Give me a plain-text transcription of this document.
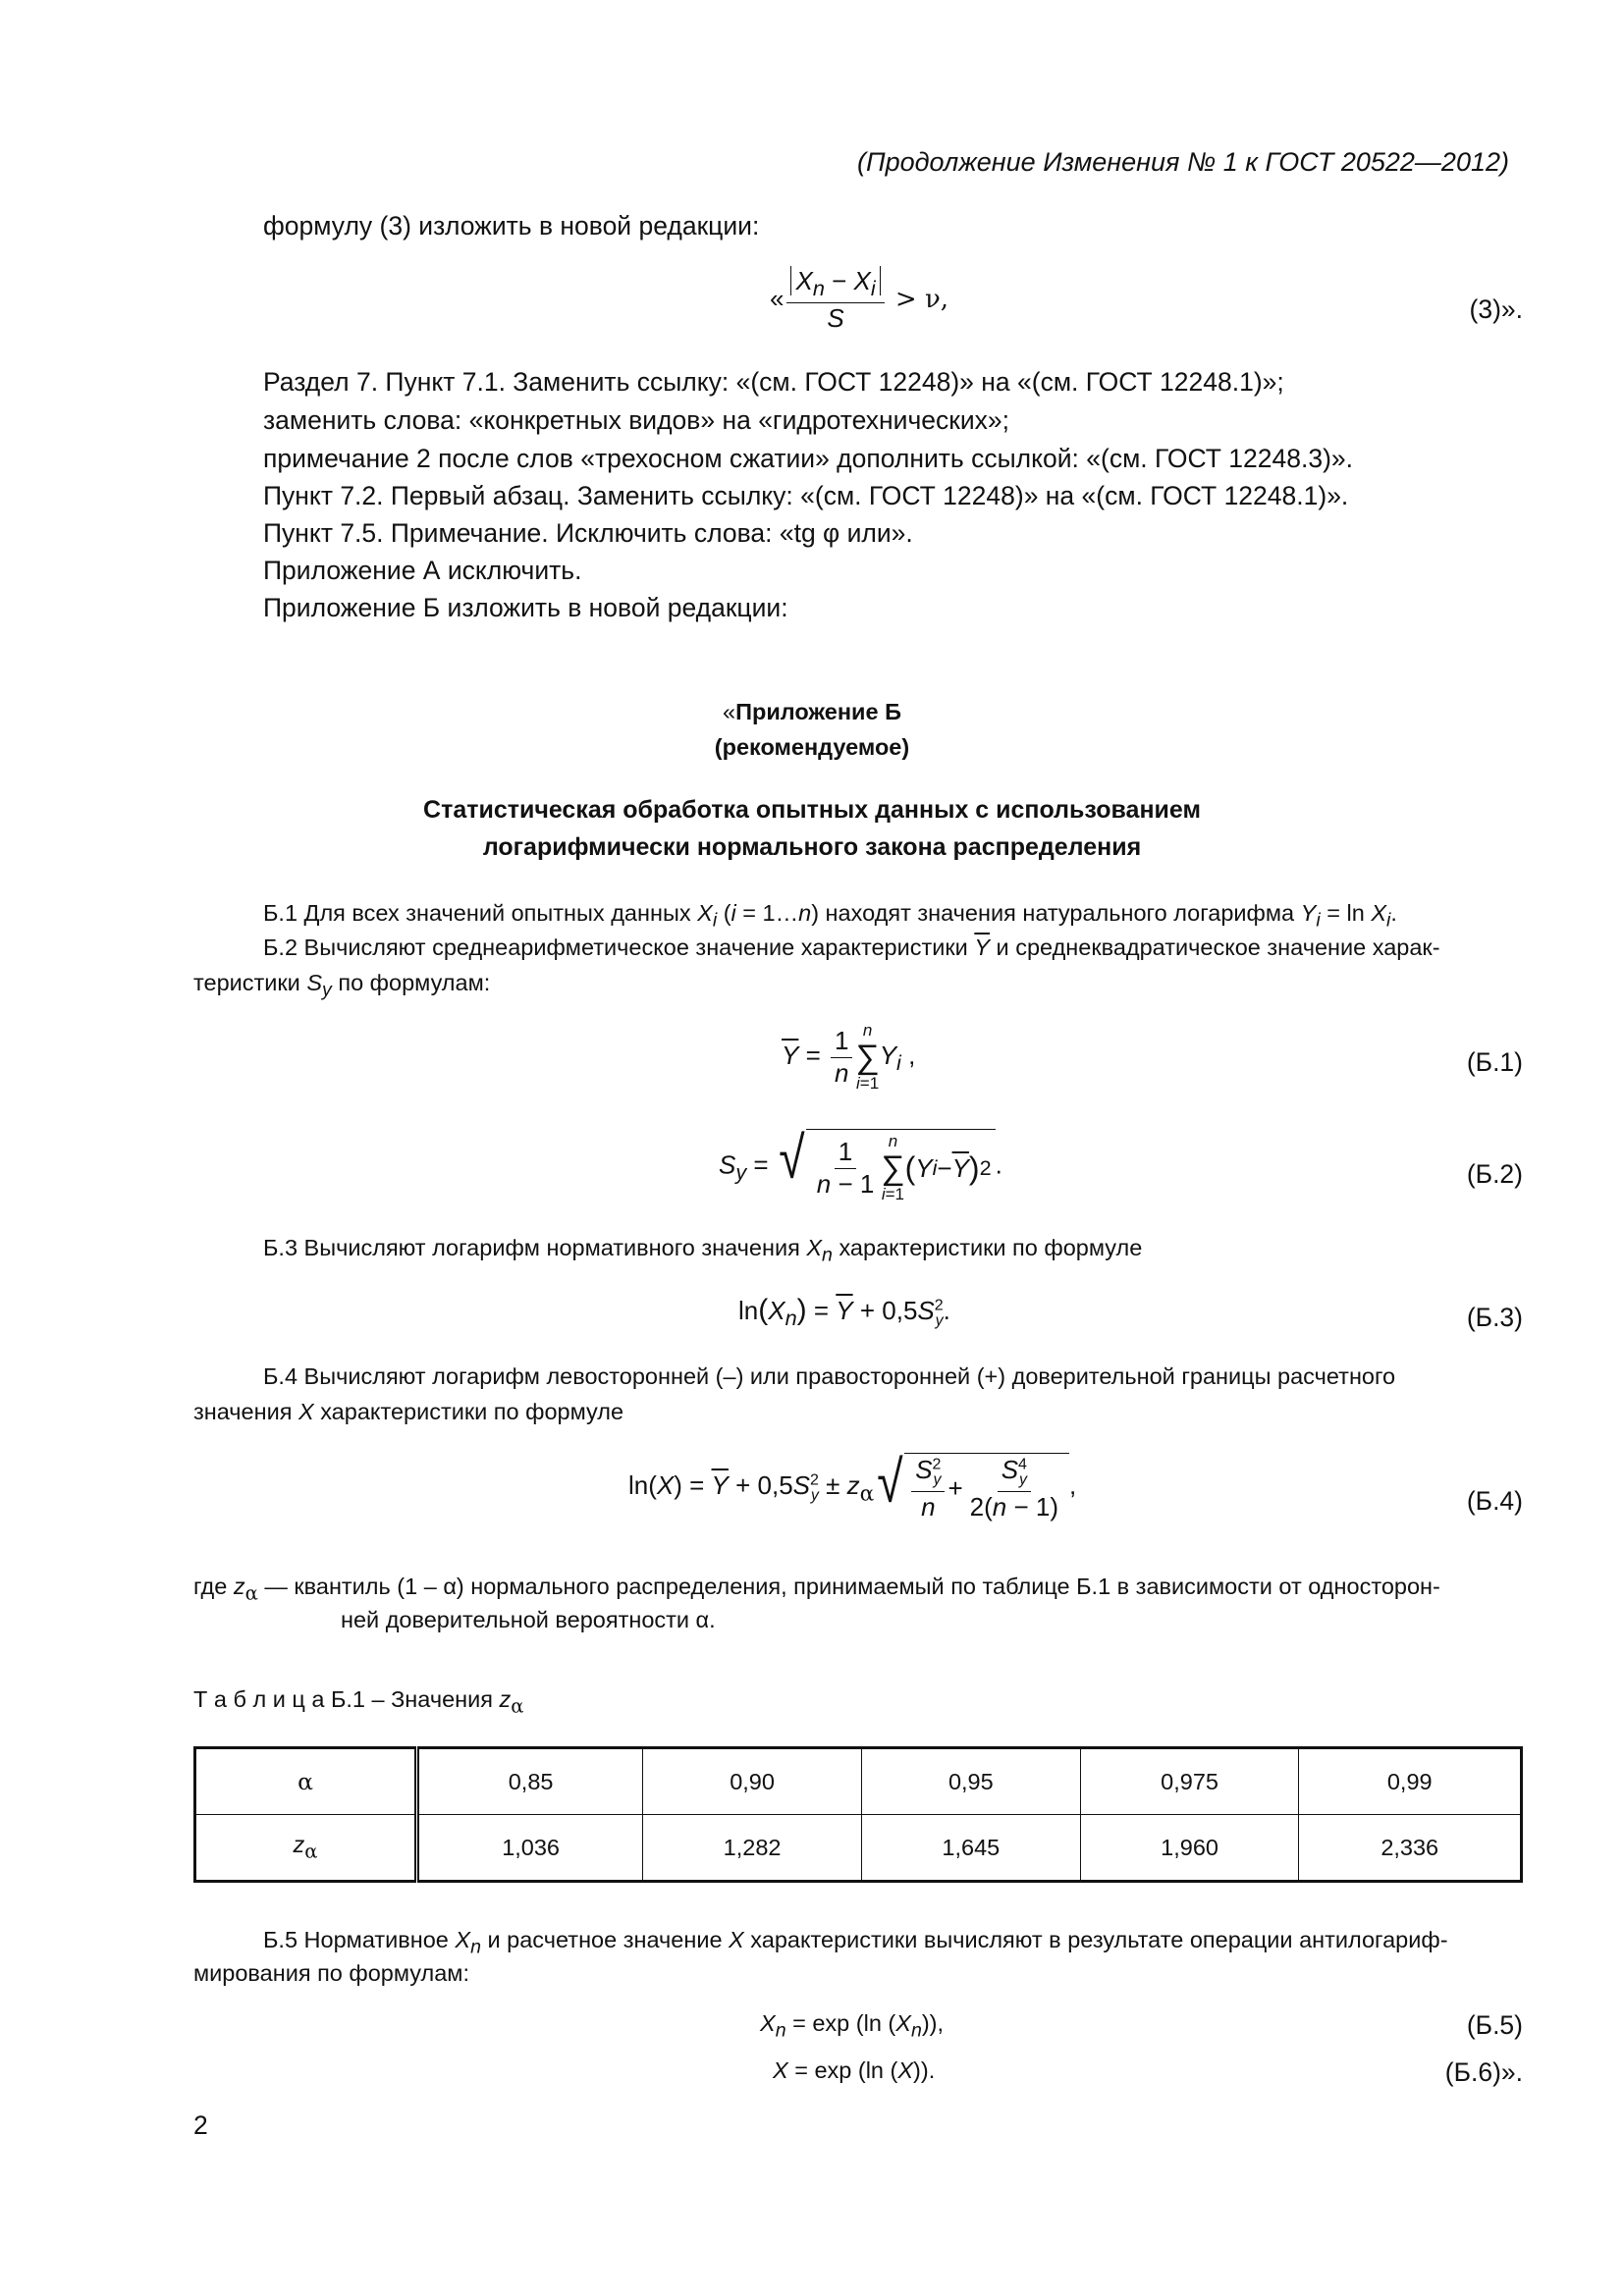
(Продолжение Изменения № 1 к ГОСТ 20522—2012)
формулу (3) изложить в новой редакции:
« $\frac{X_n - X_i}{S} > \nu$,	(3)».
Раздел 7. Пункт 7.1. Заменить ссылку: «(см. ГОСТ 12248)» на «(см. ГОСТ 12248.1)»;
заменить слова: «конкретных видов» на «гидротехнических»;
примечание 2 после слов «трехосном сжатии» дополнить ссылкой: «(см. ГОСТ 12248.3)».
Пункт 7.2. Первый абзац. Заменить ссылку: «(см. ГОСТ 12248)» на «(см. ГОСТ 12248.1)».
Пункт 7.5. Примечание. Исключить слова: «tg φ или».
Приложение А исключить.
Приложение Б изложить в новой редакции:
«Приложение Б
(рекомендуемое)
Статистическая обработка опытных данных с использованием
логарифмически нормального закона распределения
Б.1 Для всех значений опытных данных $X_i$ (i = 1…n) находят значения натурального логарифма $Y_i = \ln X_i$.
Б.2 Вычисляют среднеарифметическое значение характеристики $\overline{Y}$ и среднеквадратическое значение харак-
теристики $S_y$ по формулам:
$\overline{Y} = \frac{1}{n}$ n
∑
i=1
$Y_i$ ,	(Б.1)
$S_y$ = √ $\frac{1}{n - 1}$ n
∑
i=1
( Y $i - \overline{Y}$ ) 2 .	(Б.2)
Б.3 Вычисляют логарифм нормативного значения $X_n$ характеристики по формуле
$\ln(X_n) = \overline{Y} + 0,5S^2_y$.	(Б.3)
Б.4 Вычисляют логарифм левосторонней (–) или правосторонней (+) доверительной границы расчетного
значения X характеристики по формуле
$\ln(X) = \overline{Y} + 0,5S^2_y \pm z_\alpha$ √ $\frac{S^2_y}{n} + \frac{S^4_y}{2(n - 1)}$ ,
(Б.4)
где $z_\alpha$ — квантиль (1 – α) нормального распределения, принимаемый по таблице Б.1 в зависимости от односторон-
ней доверительной вероятности α.
Т а б л и ц а Б.1 – Значения $z_\alpha$
α	0,85	0,90	0,95	0,975	0,99
$z_\alpha$	1,036	1,282	1,645	1,960	2,336
Б.5 Нормативное $X_n$ и расчетное значение X характеристики вычисляют в результате операции антилогариф-
мирования по формулам:
$X_n = \exp (\ln$ $(X_n)$),	(Б.5)
X = exp (ln (X)).	(Б.6)».
2
